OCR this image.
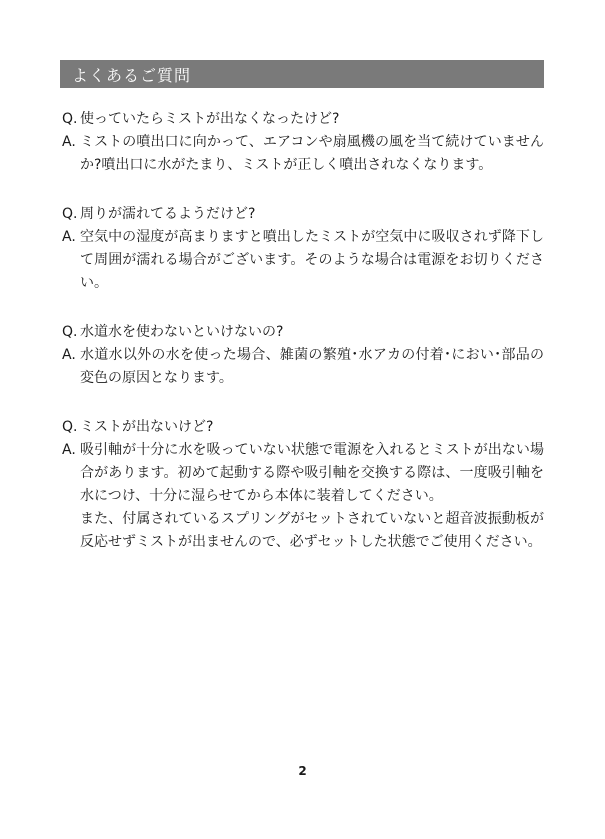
よくあるご質問
Q. 使っていたらミストが出なくなったけど?
A. ミストの噴出口に向かって、エアコンや扇風機の風を当て続けていませんか?噴出口に水がたまり、ミストが正しく噴出されなくなります。
Q. 周りが濡れてるようだけど?
A. 空気中の湿度が高まりますと噴出したミストが空気中に吸収されず降下して周囲が濡れる場合がございます。そのような場合は電源をお切りください。
Q. 水道水を使わないといけないの?
A. 水道水以外の水を使った場合、雑菌の繁殖･水アカの付着･におい･部品の変色の原因となります。
Q. ミストが出ないけど?
A. 吸引軸が十分に水を吸っていない状態で電源を入れるとミストが出ない場合があります。初めて起動する際や吸引軸を交換する際は、一度吸引軸を水につけ、十分に湿らせてから本体に装着してください。
また、付属されているスプリングがセットされていないと超音波振動板が反応せずミストが出ませんので、必ずセットした状態でご使用ください。
2
